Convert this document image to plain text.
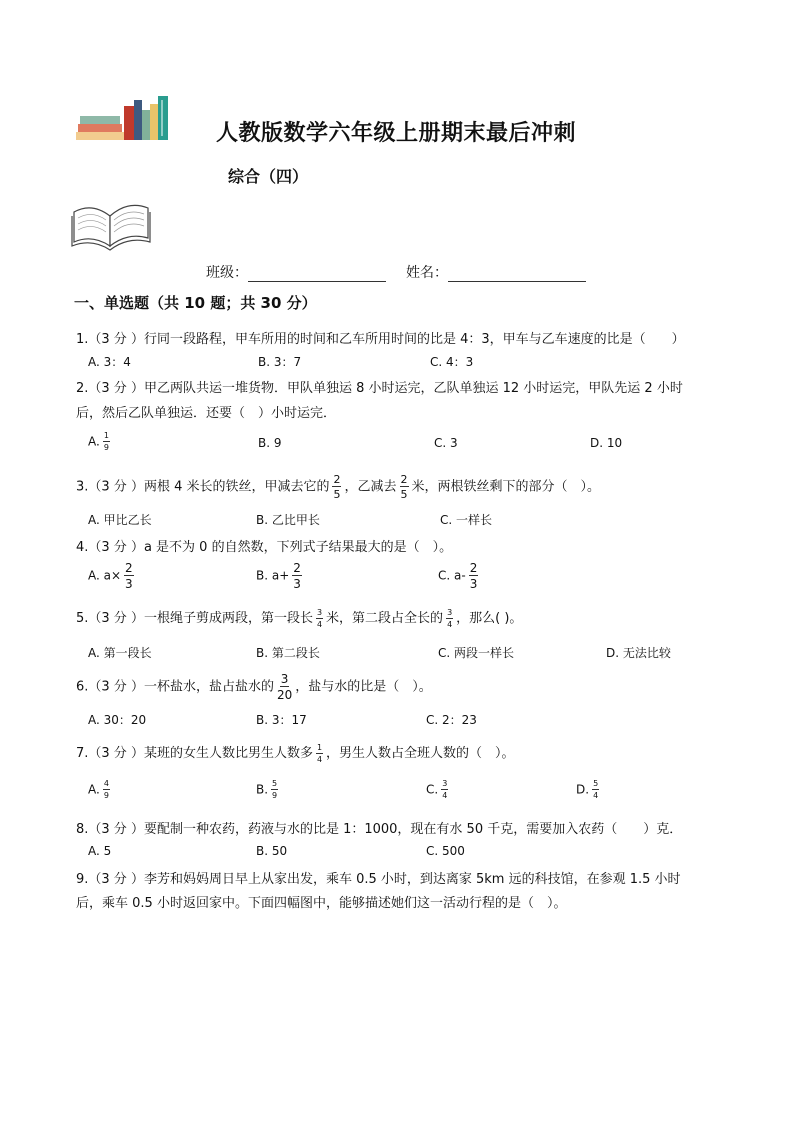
人教版数学六年级上册期末最后冲刺
综合（四）
班级：	姓名：
一、单选题（共 10 题；共 30 分）
1.（3 分 ）行同一段路程，甲车所用的时间和乙车所用时间的比是 4：3，甲车与乙车速度的比是（　　）
A. 3：4	B. 3：7	C. 4：3
2.（3 分 ）甲乙两队共运一堆货物．甲队单独运 8 小时运完，乙队单独运 12 小时运完，甲队先运 2 小时
后，然后乙队单独运．还要（　）小时运完．
A. $\frac{1}{9}$	B. 9	C. 3	D. 10
3.（3 分 ）两根 4 米长的铁丝，甲减去它的 $\frac{2}{5}$ ，乙减去 $\frac{2}{5}$ 米，两根铁丝剩下的部分（　）。
A. 甲比乙长	B. 乙比甲长	C. 一样长
4.（3 分 ）a 是不为 0 的自然数，下列式子结果最大的是（　）。
A. $a\times \frac{2}{3}$	B. $a+ \frac{2}{3}$	C. $a- \frac{2}{3}$
5.（3 分 ）一根绳子剪成两段，第一段长 $\frac{3}{4}$ 米，第二段占全长的 $\frac{3}{4}$ ，那么( )。
A. 第一段长	B. 第二段长	C. 两段一样长	D. 无法比较
6.（3 分 ）一杯盐水，盐占盐水的 $\frac{3}{20}$ ，盐与水的比是（　）。
A. 30：20	B. 3：17	C. 2：23
7.（3 分 ）某班的女生人数比男生人数多 $\frac{1}{4}$ ，男生人数占全班人数的（　）。
A. $\frac{4}{9}$	B. $\frac{5}{9}$	C. $\frac{3}{4}$	D. $\frac{5}{4}$
8.（3 分 ）要配制一种农药，药液与水的比是 1：1000，现在有水 50 千克，需要加入农药（　　）克．
A. 5	B. 50	C. 500
9.（3 分 ）李芳和妈妈周日早上从家出发，乘车 0.5 小时，到达离家 5km 远的科技馆，在参观 1.5 小时
后，乘车 0.5 小时返回家中。下面四幅图中，能够描述她们这一活动行程的是（　）。
